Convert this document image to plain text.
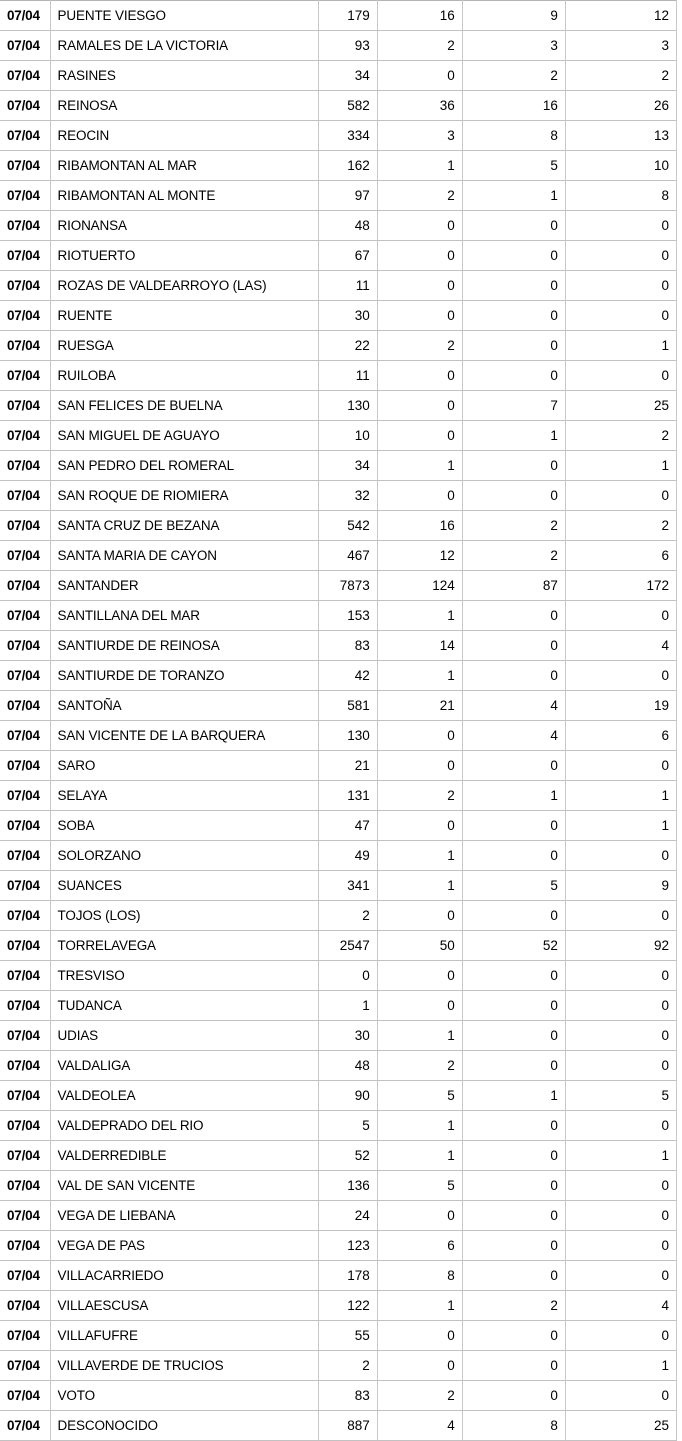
07/04	PUENTE VIESGO	179	16	9	12
07/04	RAMALES DE LA VICTORIA	93	2	3	3
07/04	RASINES	34	0	2	2
07/04	REINOSA	582	36	16	26
07/04	REOCIN	334	3	8	13
07/04	RIBAMONTAN AL MAR	162	1	5	10
07/04	RIBAMONTAN AL MONTE	97	2	1	8
07/04	RIONANSA	48	0	0	0
07/04	RIOTUERTO	67	0	0	0
07/04	ROZAS DE VALDEARROYO (LAS)	11	0	0	0
07/04	RUENTE	30	0	0	0
07/04	RUESGA	22	2	0	1
07/04	RUILOBA	11	0	0	0
07/04	SAN FELICES DE BUELNA	130	0	7	25
07/04	SAN MIGUEL DE AGUAYO	10	0	1	2
07/04	SAN PEDRO DEL ROMERAL	34	1	0	1
07/04	SAN ROQUE DE RIOMIERA	32	0	0	0
07/04	SANTA CRUZ DE BEZANA	542	16	2	2
07/04	SANTA MARIA DE CAYON	467	12	2	6
07/04	SANTANDER	7873	124	87	172
07/04	SANTILLANA DEL MAR	153	1	0	0
07/04	SANTIURDE DE REINOSA	83	14	0	4
07/04	SANTIURDE DE TORANZO	42	1	0	0
07/04	SANTOÑA	581	21	4	19
07/04	SAN VICENTE DE LA BARQUERA	130	0	4	6
07/04	SARO	21	0	0	0
07/04	SELAYA	131	2	1	1
07/04	SOBA	47	0	0	1
07/04	SOLORZANO	49	1	0	0
07/04	SUANCES	341	1	5	9
07/04	TOJOS (LOS)	2	0	0	0
07/04	TORRELAVEGA	2547	50	52	92
07/04	TRESVISO	0	0	0	0
07/04	TUDANCA	1	0	0	0
07/04	UDIAS	30	1	0	0
07/04	VALDALIGA	48	2	0	0
07/04	VALDEOLEA	90	5	1	5
07/04	VALDEPRADO DEL RIO	5	1	0	0
07/04	VALDERREDIBLE	52	1	0	1
07/04	VAL DE SAN VICENTE	136	5	0	0
07/04	VEGA DE LIEBANA	24	0	0	0
07/04	VEGA DE PAS	123	6	0	0
07/04	VILLACARRIEDO	178	8	0	0
07/04	VILLAESCUSA	122	1	2	4
07/04	VILLAFUFRE	55	0	0	0
07/04	VILLAVERDE DE TRUCIOS	2	0	0	1
07/04	VOTO	83	2	0	0
07/04	DESCONOCIDO	887	4	8	25
